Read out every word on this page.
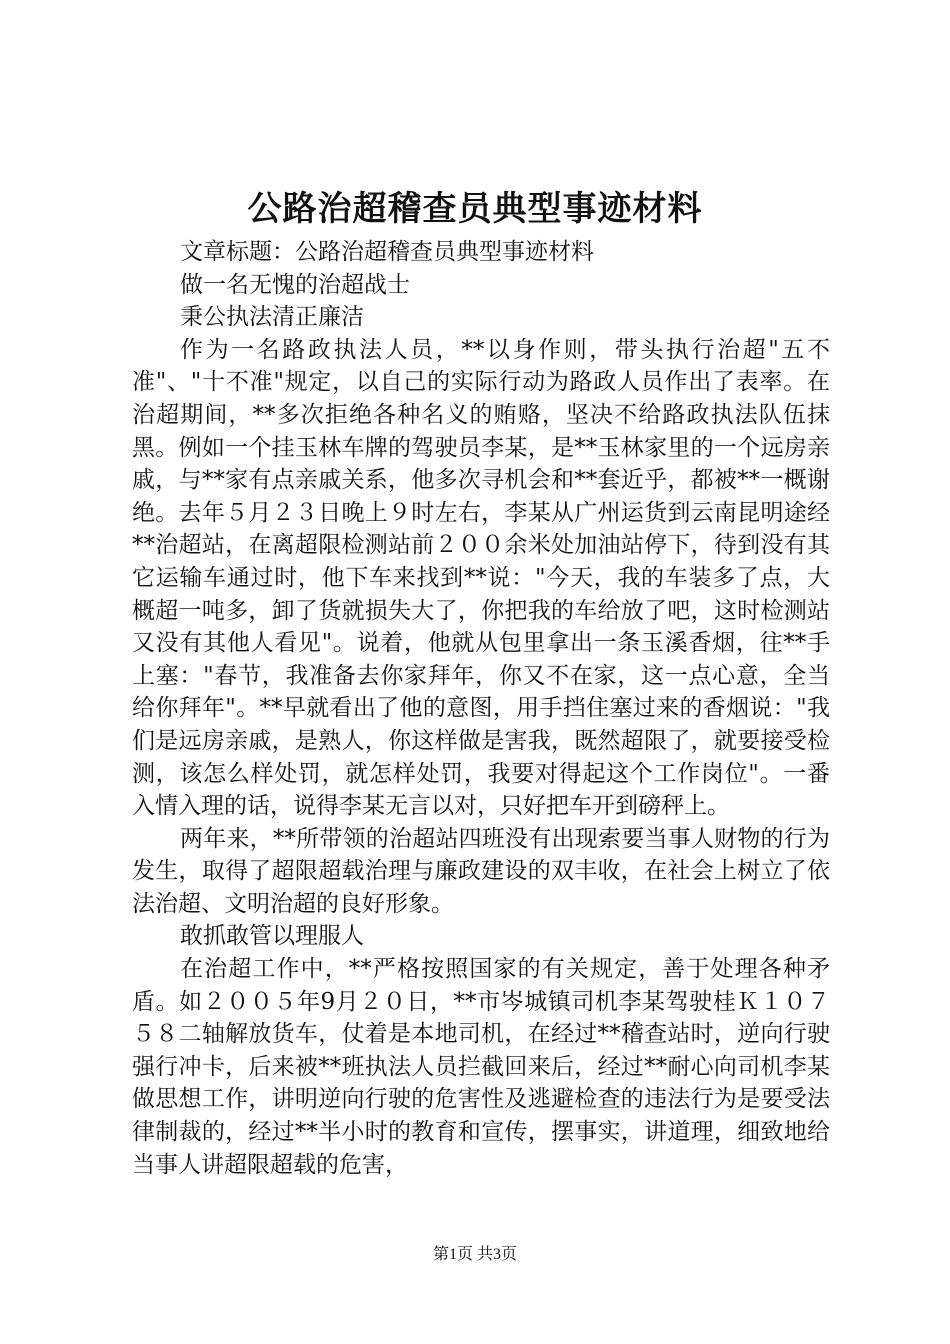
公路治超稽查员典型事迹材料

文章标题：公路治超稽查员典型事迹材料

做一名无愧的治超战士

秉公执法清正廉洁

作为一名路政执法人员，**以身作则，带头执行治超"五不准"、"十不准"规定，以自己的实际行动为路政人员作出了表率。在治超期间，**多次拒绝各种名义的贿赂，坚决不给路政执法队伍抹黑。例如一个挂玉林车牌的驾驶员李某，是**玉林家里的一个远房亲戚，与**家有点亲戚关系，他多次寻机会和**套近乎，都被**一概谢绝。去年５月２３日晚上９时左右，李某从广州运货到云南昆明途经**治超站，在离超限检测站前２００余米处加油站停下，待到没有其它运输车通过时，他下车来找到**说："今天，我的车装多了点，大概超一吨多，卸了货就损失大了，你把我的车给放了吧，这时检测站又没有其他人看见"。说着，他就从包里拿出一条玉溪香烟，往**手上塞："春节，我准备去你家拜年，你又不在家，这一点心意，全当给你拜年"。**早就看出了他的意图，用手挡住塞过来的香烟说："我们是远房亲戚，是熟人，你这样做是害我，既然超限了，就要接受检测，该怎么样处罚，就怎样处罚，我要对得起这个工作岗位"。一番入情入理的话，说得李某无言以对，只好把车开到磅秤上。

两年来，**所带领的治超站四班没有出现索要当事人财物的行为发生，取得了超限超载治理与廉政建设的双丰收，在社会上树立了依法治超、文明治超的良好形象。

敢抓敢管以理服人

在治超工作中，**严格按照国家的有关规定，善于处理各种矛盾。如２００５年9月２０日，**市岑城镇司机李某驾驶桂Ｋ１０７５８二轴解放货车，仗着是本地司机，在经过**稽查站时，逆向行驶强行冲卡，后来被**班执法人员拦截回来后，经过**耐心向司机李某做思想工作，讲明逆向行驶的危害性及逃避检查的违法行为是要受法律制裁的，经过**半小时的教育和宣传，摆事实，讲道理，细致地给当事人讲超限超载的危害，

第1页 共3页
